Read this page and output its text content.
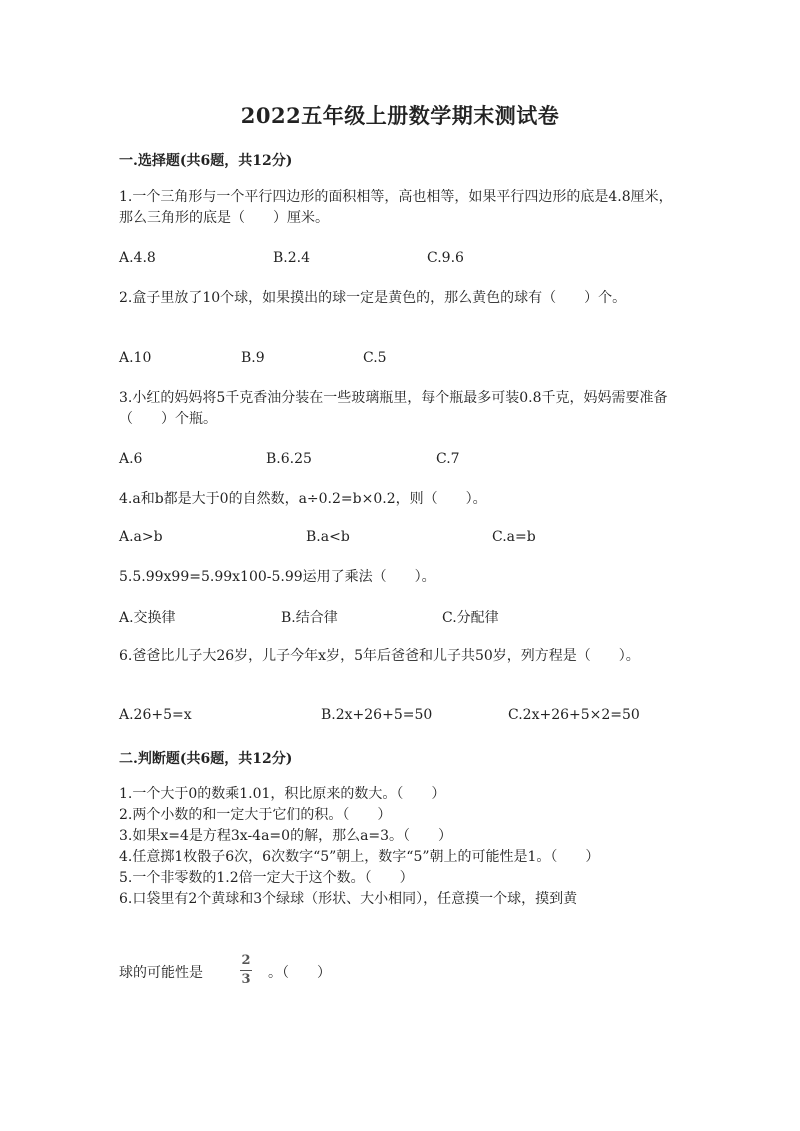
2022五年级上册数学期末测试卷
一.选择题(共6题，共12分)
1.一个三角形与一个平行四边形的面积相等，高也相等，如果平行四边形的底是4.8厘米，那么三角形的底是（　　）厘米。
A.4.8	B.2.4	C.9.6
2.盒子里放了10个球，如果摸出的球一定是黄色的，那么黄色的球有（　　）个。
A.10	B.9	C.5
3.小红的妈妈将5千克香油分装在一些玻璃瓶里，每个瓶最多可装0.8千克，妈妈需要准备（　　）个瓶。
A.6	B.6.25	C.7
4.a和b都是大于0的自然数，a÷0.2=b×0.2，则（　　）。
A.a>b	B.a<b	C.a=b
5.5.99x99=5.99x100-5.99运用了乘法（　　）。
A.交换律	B.结合律	C.分配律
6.爸爸比儿子大26岁，儿子今年x岁，5年后爸爸和儿子共50岁，列方程是（　　）。
A.26+5=x	B.2x+26+5=50	C.2x+26+5×2=50
二.判断题(共6题，共12分)
1.一个大于0的数乘1.01，积比原来的数大。（　　）
2.两个小数的和一定大于它们的积。（　　）
3.如果x=4是方程3x-4a=0的解，那么a=3。（　　）
4.任意掷1枚骰子6次，6次数字“5”朝上，数字“5”朝上的可能性是1。（　　）
5.一个非零数的1.2倍一定大于这个数。（　　）
6.口袋里有2个黄球和3个绿球（形状、大小相同），任意摸一个球，摸到黄
球的可能性是
2
3 。（　　）
